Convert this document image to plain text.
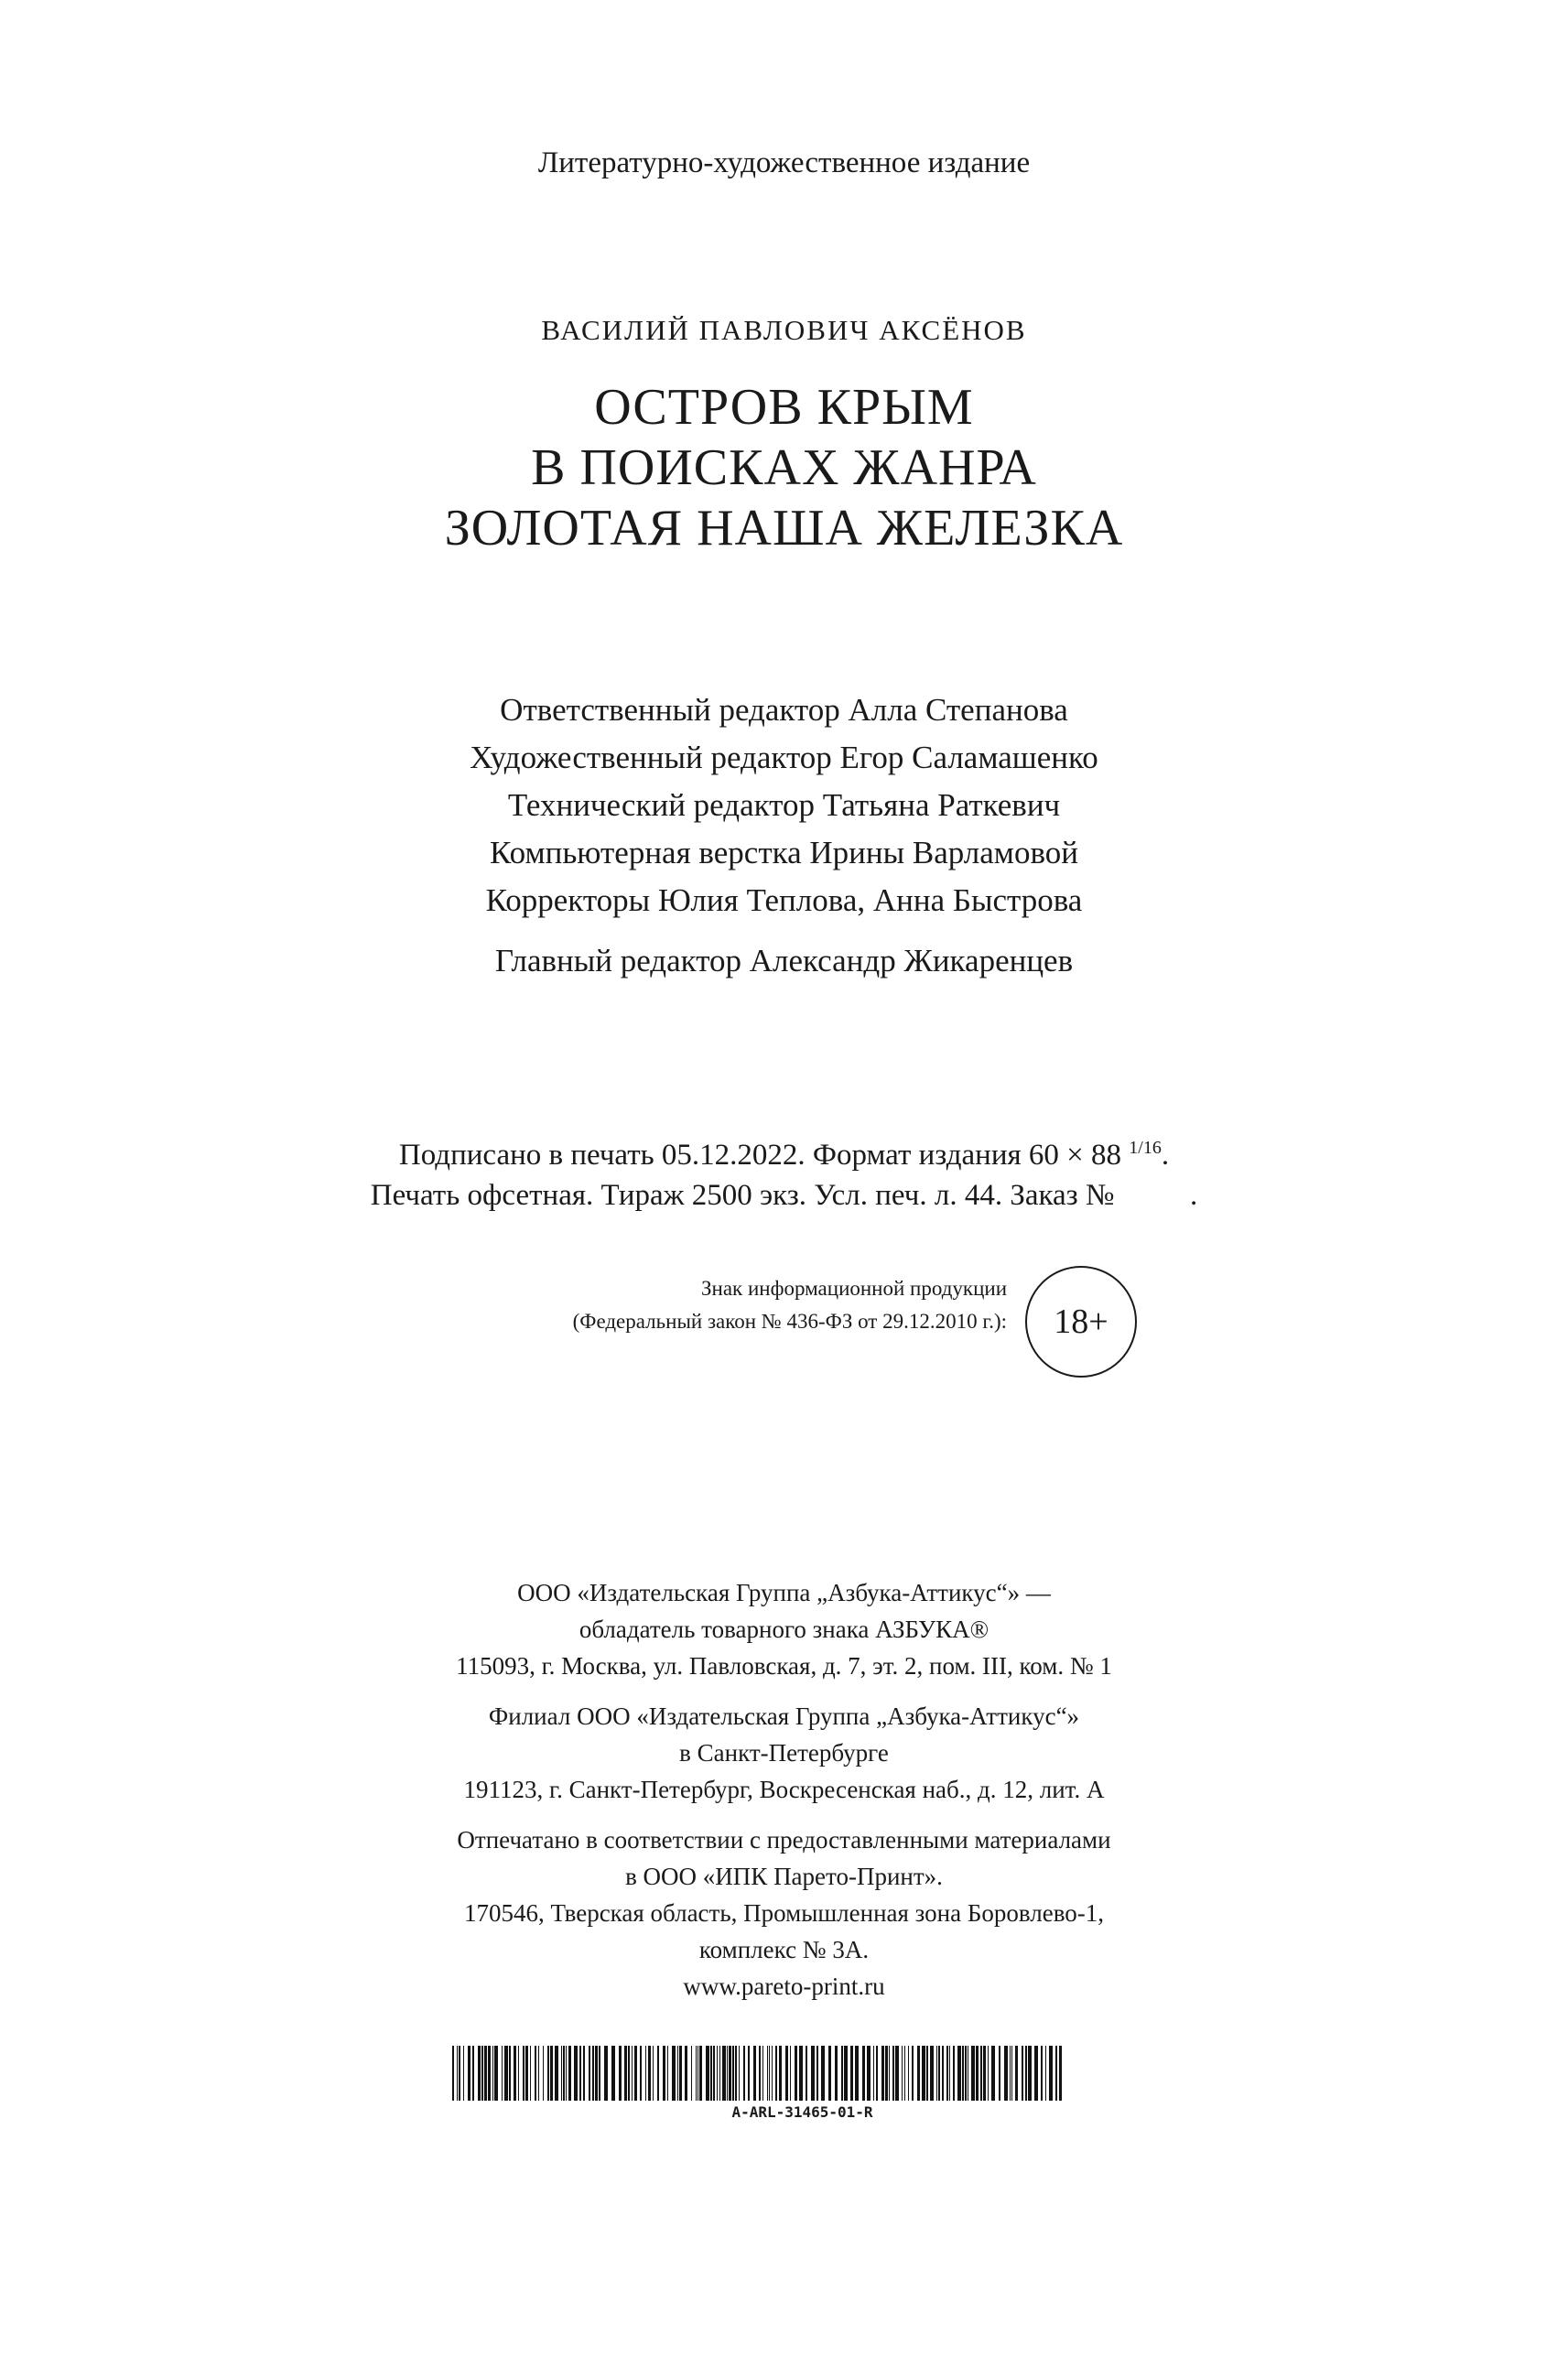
Литературно-художественное издание
ВАСИЛИЙ ПАВЛОВИЧ АКСЁНОВ
ОСТРОВ КРЫМ
В ПОИСКАХ ЖАНРА
ЗОЛОТАЯ НАША ЖЕЛЕЗКА
Ответственный редактор Алла Степанова
Художественный редактор Егор Саламашенко
Технический редактор Татьяна Раткевич
Компьютерная верстка Ирины Варламовой
Корректоры Юлия Теплова, Анна Быстрова
Главный редактор Александр Жикаренцев
Подписано в печать 05.12.2022. Формат издания 60 × 88 $^{1/16}$.
Печать офсетная. Тираж 2500 экз. Усл. печ. л. 44. Заказ №          .
Знак информационной продукции
(Федеральный закон № 436-ФЗ от 29.12.2010 г.):	18+
ООО «Издательская Группа „Азбука-Аттикус“» —
обладатель товарного знака АЗБУКА®
115093, г. Москва, ул. Павловская, д. 7, эт. 2, пом. III, ком. № 1
Филиал ООО «Издательская Группа „Азбука-Аттикус“»
в Санкт-Петербурге
191123, г. Санкт-Петербург, Воскресенская наб., д. 12, лит. А
Отпечатано в соответствии с предоставленными материалами
в ООО «ИПК Парето-Принт».
170546, Тверская область, Промышленная зона Боровлево-1,
комплекс № 3А.
www.pareto-print.ru
A-ARL-31465-01-R
